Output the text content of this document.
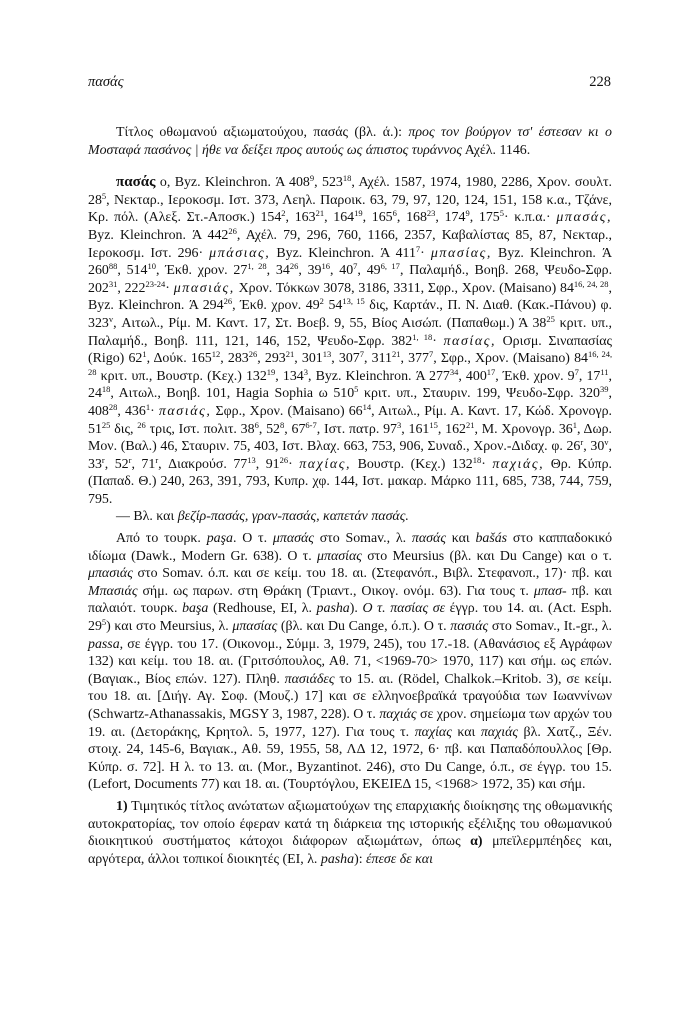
πασάς	228

Τίτλος οθωμανού αξιωματούχου, πασάς (βλ. ά.): προς τον βούργον τσ' έστεσαν κι ο Μοσταφά πασάνος | ήθε να δείξει προς αυτούς ως άπιστος τυράννος Αχέλ. 1146.

πασάς ο, Byz. Kleinchron. Ά $408^9$, $523^{18}$, Αχέλ. 1587, 1974, 1980, 2286, Χρον. σουλτ. $28^5$, Νεκταρ., Ιεροκοσμ. Ιστ. 373, Λεηλ. Παροικ. 63, 79, 97, 120, 124, 151, 158 κ.α., Τζάνε, Κρ. πόλ. (Αλεξ. Στ.-Αποσκ.) $154^2$, $163^{21}$, $164^{19}$, $165^6$, $168^{23}$, $174^9$, $175^5\cdot \kappa.\pi.\alpha.\cdot \mu\pi\alpha\sigma ά\varsigma$, Byz. Kleinchron. Ά $442^{26}$, Αχέλ. 79, 296, 760, 1166, 2357, Καβαλίστας 85, 87, Νεκταρ., Ιεροκοσμ. Ιστ. 296· μπάσιας, Byz. Kleinchron. Ά $411^7\cdot \mu\pi\alpha\sigma ί\alpha\varsigma$, Byz. Kleinchron. Ά $260^{88}$, $514^{10}$, Έκθ. χρον. 27$^{1, 28}$, $34^{26}$, $39^{16}$, $40^7$, 49$^{6, 17}$, Παλαμήδ., Βοηβ. 268, Ψευδο-Σφρ. $202^{31}$, $222^{23-24}\cdot \mu\pi\alpha\sigma\iota ά\varsigma$, Χρον. Τόκκων 3078, 3186, 3311, Σφρ., Χρον. (Maisano) 84$^{16, 24, 28}$, Byz. Kleinchron. Ά $294^{26}$, Έκθ. χρον. $49^2$ 54$^{13, 15}$ δις, Καρτάν., Π. Ν. Διαθ. (Κακ.-Πάνου) φ. 323$^v$, Αιτωλ., Ρίμ. Μ. Καντ. 17, Στ. Βοεβ. 9, 55, Βίος Αισώπ. (Παπαθωμ.) Ά $38^{25}$ κριτ. υπ., Παλαμήδ., Βοηβ. 111, 121, 146, 152, Ψευδο-Σφρ. $382^{1, 18}\cdot \pi\alpha\sigma ί\alpha\varsigma$, Ορισμ. Σιναπασίας (Rigo) $62^1$, Δούκ. $165^{12}$, $283^{26}$, $293^{21}$, $301^{13}$, $307^7$, $311^{21}$, $377^7$, Σφρ., Χρον. (Maisano) 84$^{16, 24, 28}$ κριτ. υπ., Βουστρ. (Κεχ.) $132^{19}$, $134^3$, Byz. Kleinchron. Ά $277^{34}$, $400^{17}$, Έκθ. χρον. $9^7$, $17^{11}$, $24^{18}$, Αιτωλ., Βοηβ. 101, Hagia Sophia ω $510^5$ κριτ. υπ., Σταυριν. 199, Ψευδο-Σφρ. $320^{39}$, $408^{28}$, $436^1\cdot \pi\alpha\sigma\iota ά\varsigma$, Σφρ., Χρον. (Maisano) $66^{14}$, Αιτωλ., Ρίμ. Α. Καντ. 17, Κώδ. Χρονογρ. $51^{25}$ δις, $^{26}$ τρις, Ιστ. πολιτ. $38^6$, $52^8$, 67$^{6-7}$, Ιστ. πατρ. $97^3$, $161^{15}$, $162^{21}$, Μ. Χρονογρ. $36^1$, Δωρ. Μον. (Βαλ.) 46, Σταυριν. 75, 403, Ιστ. Βλαχ. 663, 753, 906, Συναδ., Χρον.-Διδαχ. φ. 26$^r$, 30$^v$, 33$^r$, 52$^r$, 71$^r$, Διακρούσ. $77^{13}$, $91^{26}\cdot \pi\alpha\chi ί\alpha\varsigma$, Βουστρ. (Κεχ.) $132^{18}\cdot \pi\alpha\chi\iota ά\varsigma$, Θρ. Κύπρ. (Παπαδ. Θ.) 240, 263, 391, 793, Κυπρ. χφ. 144, Ιστ. μακαρ. Μάρκο 111, 685, 738, 744, 759, 795.

— Βλ. και βεζίρ-πασάς, γραν-πασάς, καπετάν πασάς.

Από το τουρκ. paşa. Ο τ. μπασάς στο Somav., λ. πασάς και bašás στο καππαδοκικό ιδίωμα (Dawk., Modern Gr. 638). Ο τ. μπασίας στο Meursius (βλ. και Du Cange) και ο τ. μπασιάς στο Somav. ό.π. και σε κείμ. του 18. αι. (Στεφανόπ., Βιβλ. Στεφανοπ., 17)· πβ. και Μπασιάς σήμ. ως παρων. στη Θράκη (Τριαντ., Οικογ. ονόμ. 63). Για τους τ. μπασ- πβ. και παλαιότ. τουρκ. başa (Redhouse, EI, λ. pasha). Ο τ. πασίας σε έγγρ. του 14. αι. (Act. Esph. $29^5$) και στο Meursius, λ. μπασίας (βλ. και Du Cange, ό.π.). Ο τ. πασιάς στο Somav., It.-gr., λ. passa, σε έγγρ. του 17. (Οικονομ., Σύμμ. 3, 1979, 245), του 17.-18. (Αθανάσιος εξ Αγράφων 132) και κείμ. του 18. αι. (Γριτσόπουλος, Αθ. 71, <1969-70> 1970, 117) και σήμ. ως επών. (Βαγιακ., Βίος επών. 127). Πληθ. πασιάδες το 15. αι. (Rödel, Chalkok.–Kritob. 3), σε κείμ. του 18. αι. [Διήγ. Αγ. Σοφ. (Μουζ.) 17] και σε ελληνοεβραϊκά τραγούδια των Ιωαννίνων (Schwartz-Athanassakis, MGSY 3, 1987, 228). Ο τ. παχιάς σε χρον. σημείωμα των αρχών του 19. αι. (Δετοράκης, Κρητολ. 5, 1977, 127). Για τους τ. παχίας και παχιάς βλ. Χατζ., Ξέν. στοιχ. 24, 145-6, Βαγιακ., Αθ. 59, 1955, 58, ΛΔ 12, 1972, 6· πβ. και Παπαδόπουλλος [Θρ. Κύπρ. σ. 72]. Η λ. το 13. αι. (Mor., Byzantinot. 246), στο Du Cange, ό.π., σε έγγρ. του 15. (Lefort, Documents 77) και 18. αι. (Τουρτόγλου, ΕΚΕΙΕΔ 15, <1968> 1972, 35) και σήμ.

1) Τιμητικός τίτλος ανώτατων αξιωματούχων της επαρχιακής διοίκησης της οθωμανικής αυτοκρατορίας, τον οποίο έφεραν κατά τη διάρκεια της ιστορικής εξέλιξης του οθωμανικού διοικητικού συστήματος κάτοχοι διάφορων αξιωμάτων, όπως α) μπεϊλερμπέηδες και, αργότερα, άλλοι τοπικοί διοικητές (EI, λ. pasha): έπεσε δε και
